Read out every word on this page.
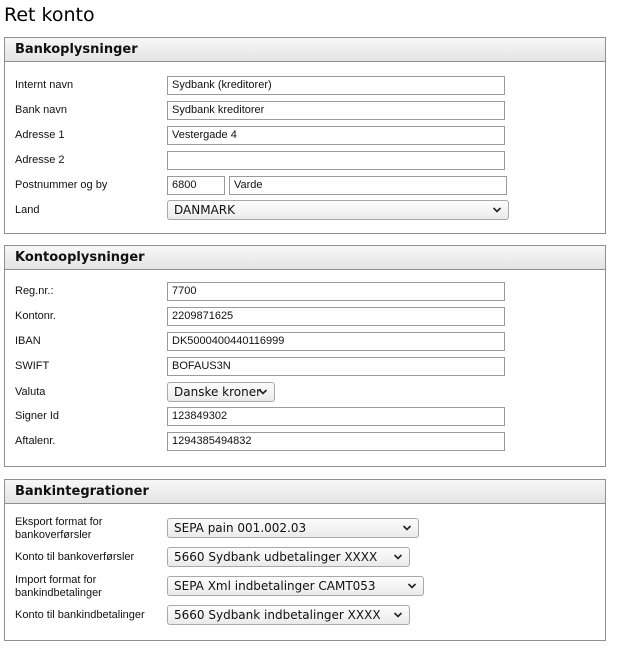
Ret konto
Bankoplysninger
Internt navn	Sydbank (kreditorer)
Bank navn	Sydbank kreditorer
Adresse 1	Vestergade 4
Adresse 2
Postnummer og by	6800	Varde
Land	DANMARK
Kontooplysninger
Reg.nr.:	7700
Kontonr.	2209871625
IBAN	DK5000400440116999
SWIFT	BOFAUS3N
Valuta	Danske kroner
Signer Id	123849302
Aftalenr.	1294385494832
Bankintegrationer
Eksport format for
bankoverførsler	SEPA pain 001.002.03
Konto til bankoverførsler	5660 Sydbank udbetalinger XXXX
Import format for
bankindbetalinger	SEPA Xml indbetalinger CAMT053
Konto til bankindbetalinger	5660 Sydbank indbetalinger XXXX
